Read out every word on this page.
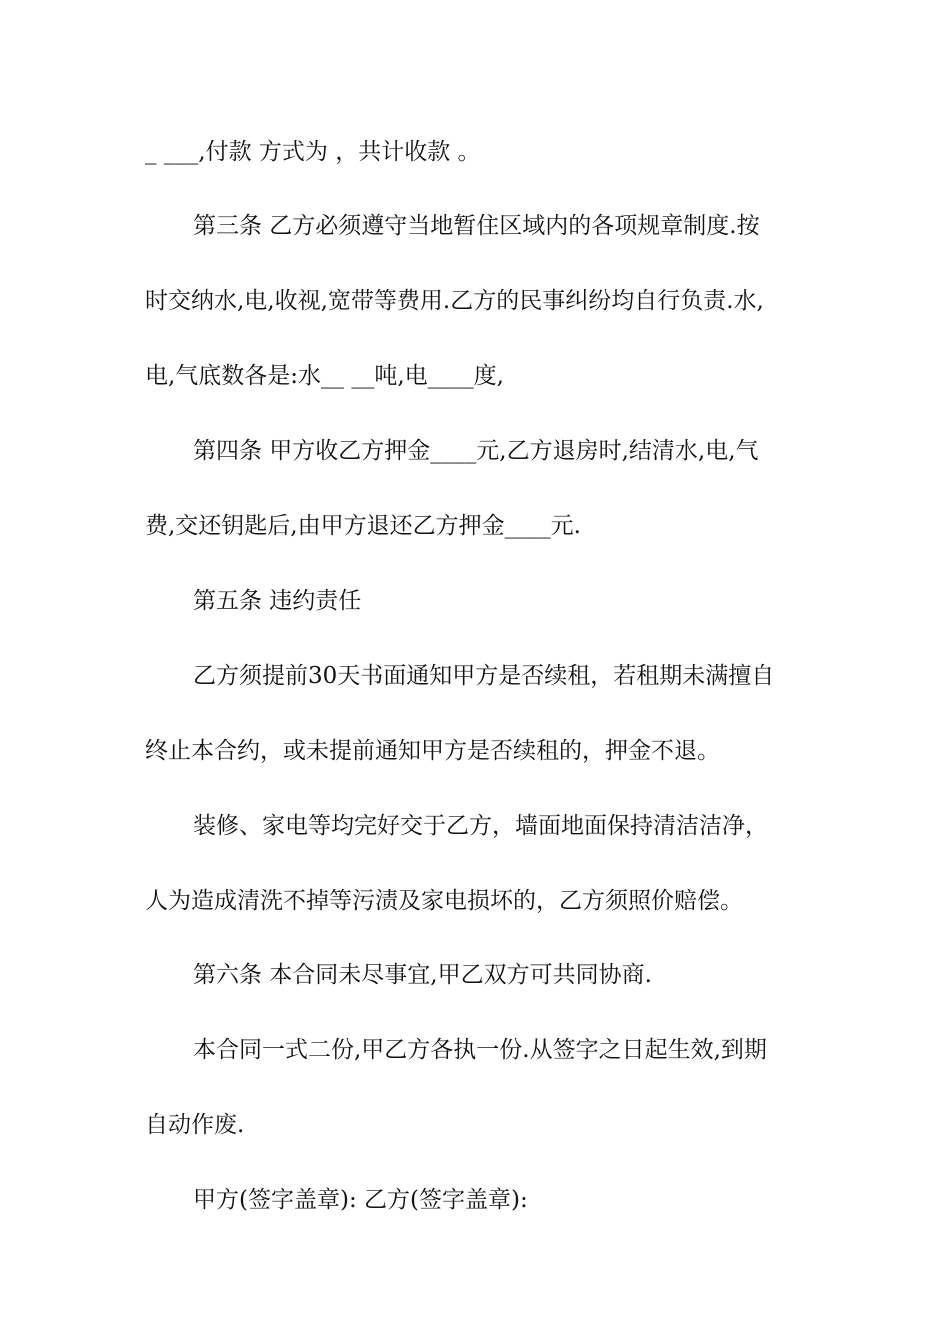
_ ___,付款 方式为 ，共计收款 。
第三条 乙方必须遵守当地暂住区域内的各项规章制度.按
时交纳水,电,收视,宽带等费用.乙方的民事纠纷均自行负责.水,
电,气底数各是:水__ __吨,电____度,
第四条 甲方收乙方押金____元,乙方退房时,结清水,电,气
费,交还钥匙后,由甲方退还乙方押金____元.
第五条 违约责任
乙方须提前30天书面通知甲方是否续租，若租期未满擅自
终止本合约，或未提前通知甲方是否续租的，押金不退。
装修、家电等均完好交于乙方，墙面地面保持清洁洁净，
人为造成清洗不掉等污渍及家电损坏的，乙方须照价赔偿。
第六条 本合同未尽事宜,甲乙双方可共同协商.
本合同一式二份,甲乙方各执一份.从签字之日起生效,到期
自动作废.
甲方(签字盖章): 乙方(签字盖章):
